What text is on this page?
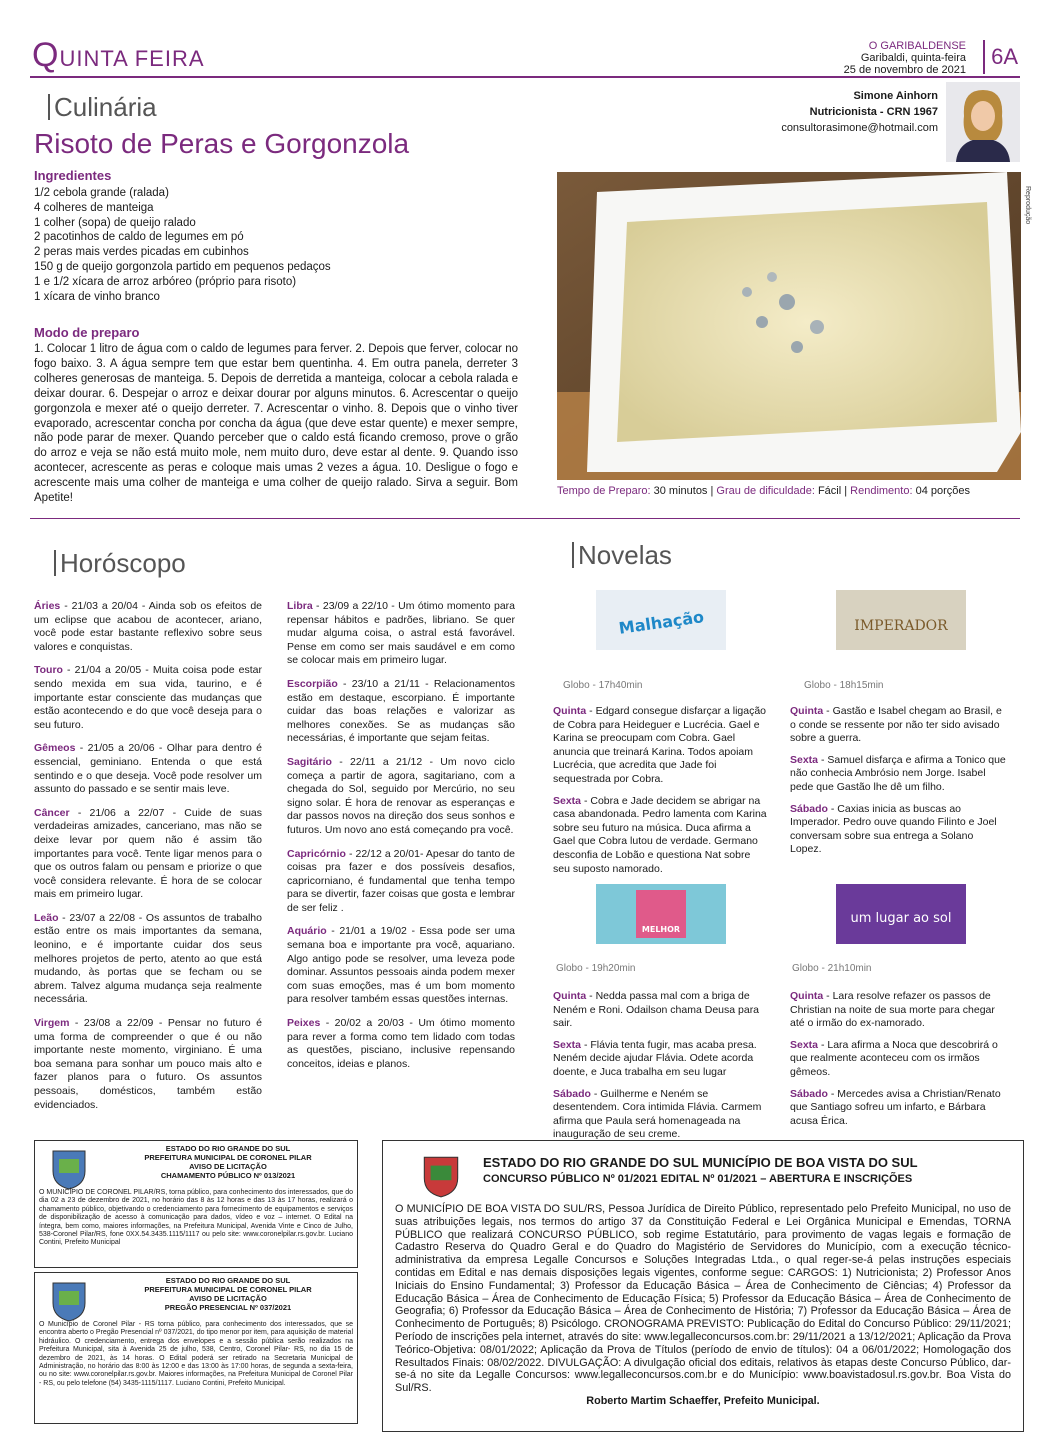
QUINTA FEIRA	O GARIBALDENSE
Garibaldi, quinta-feira
25 de novembro de 2021
6A
Culinária
Risoto de Peras e Gorgonzola
Simone Ainhorn
Nutricionista - CRN 1967
consultorasimone@hotmail.com
Ingredientes
1/2 cebola grande (ralada)
4 colheres de manteiga
1 colher (sopa) de queijo ralado
2 pacotinhos de caldo de legumes em pó
2 peras mais verdes picadas em cubinhos
150 g de queijo gorgonzola partido em pequenos pedaços
1 e 1/2 xícara de arroz arbóreo (próprio para risoto)
1 xícara de vinho branco
Modo de preparo
1. Colocar 1 litro de água com o caldo de legumes para ferver. 2. Depois que ferver, colocar no fogo baixo. 3. A água sempre tem que estar bem quentinha. 4. Em outra panela, derreter 3 colheres generosas de manteiga. 5. Depois de derretida a manteiga, colocar a cebola ralada e deixar dourar. 6. Despejar o arroz e deixar dourar por alguns minutos. 6. Acrescentar o queijo gorgonzola e mexer até o queijo derreter. 7. Acrescentar o vinho. 8. Depois que o vinho tiver evaporado, acrescentar concha por concha da água (que deve estar quente) e mexer sempre, não pode parar de mexer. Quando perceber que o caldo está ficando cremoso, prove o grão do arroz e veja se não está muito mole, nem muito duro, deve estar al dente. 9. Quando isso acontecer, acrescente as peras e coloque mais umas 2 vezes a água. 10. Desligue o fogo e acrescente mais uma colher de manteiga e uma colher de queijo ralado. Sirva a seguir. Bom Apetite!
Reprodução
Tempo de Preparo: 30 minutos | Grau de dificuldade: Fácil | Rendimento: 04 porções
Horóscopo

Áries - 21/03 a 20/04 - Ainda sob os efeitos de um eclipse que acabou de acontecer, ariano, você pode estar bastante reflexivo sobre seus valores e conquistas.

Touro - 21/04 a 20/05 - Muita coisa pode estar sendo mexida em sua vida, taurino, e é importante estar consciente das mudanças que estão acontecendo e do que você deseja para o seu futuro.

Gêmeos - 21/05 a 20/06 - Olhar para dentro é essencial, geminiano. Entenda o que está sentindo e o que deseja. Você pode resolver um assunto do passado e se sentir mais leve.

Câncer - 21/06 a 22/07 - Cuide de suas verdadeiras amizades, canceriano, mas não se deixe levar por quem não é assim tão importantes para você. Tente ligar menos para o que os outros falam ou pensam e priorize o que você considera relevante. É hora de se colocar mais em primeiro lugar.

Leão - 23/07 a 22/08 - Os assuntos de trabalho estão entre os mais importantes da semana, leonino, e é importante cuidar dos seus melhores projetos de perto, atento ao que está mudando, às portas que se fecham ou se abrem. Talvez alguma mudança seja realmente necessária.

Virgem - 23/08 a 22/09 - Pensar no futuro é uma forma de compreender o que é ou não importante neste momento, virginiano. É uma boa semana para sonhar um pouco mais alto e fazer planos para o futuro. Os assuntos pessoais, domésticos, também estão evidenciados.

Libra - 23/09 a 22/10 - Um ótimo momento para repensar hábitos e padrões, libriano. Se quer mudar alguma coisa, o astral está favorável. Pense em como ser mais saudável e em como se colocar mais em primeiro lugar.

Escorpião - 23/10 a 21/11 - Relacionamentos estão em destaque, escorpiano. É importante cuidar das boas relações e valorizar as melhores conexões. Se as mudanças são necessárias, é importante que sejam feitas.

Sagitário - 22/11 a 21/12 - Um novo ciclo começa a partir de agora, sagitariano, com a chegada do Sol, seguido por Mercúrio, no seu signo solar. É hora de renovar as esperanças e dar passos novos na direção dos seus sonhos e futuros. Um novo ano está começando pra você.

Capricórnio - 22/12 a 20/01- Apesar do tanto de coisas pra fazer e dos possíveis desafios, capricorniano, é fundamental que tenha tempo para se divertir, fazer coisas que gosta e lembrar de ser feliz .

Aquário - 21/01 a 19/02 - Essa pode ser uma semana boa e importante pra você, aquariano. Algo antigo pode se resolver, uma leveza pode dominar. Assuntos pessoais ainda podem mexer com suas emoções, mas é um bom momento para resolver também essas questões internas.

Peixes - 20/02 a 20/03 - Um ótimo momento para rever a forma como tem lidado com todas as questões, pisciano, inclusive repensando conceitos, ideias e planos.

Novelas
Malhação	IMPERADOR
Globo - 17h40min	Globo - 18h15min

Quinta - Edgard consegue disfarçar a ligação de Cobra para Heideguer e Lucrécia. Gael e Karina se preocupam com Cobra. Gael anuncia que treinará Karina. Todos apoiam Lucrécia, que acredita que Jade foi sequestrada por Cobra.

Sexta - Cobra e Jade decidem se abrigar na casa abandonada. Pedro lamenta com Karina sobre seu futuro na música. Duca afirma a Gael que Cobra lutou de verdade. Germano desconfia de Lobão e questiona Nat sobre seu suposto namorado.

Quinta - Gastão e Isabel chegam ao Brasil, e o conde se ressente por não ter sido avisado sobre a guerra.

Sexta - Samuel disfarça e afirma a Tonico que não conhecia Ambrósio nem Jorge. Isabel pede que Gastão lhe dê um filho.

Sábado - Caxias inicia as buscas ao Imperador. Pedro ouve quando Filinto e Joel conversam sobre sua entrega a Solano Lopez.

MELHOR
um lugar ao sol
Globo - 19h20min	Globo - 21h10min

Quinta - Nedda passa mal com a briga de Neném e Roni. Odailson chama Deusa para sair.

Sexta - Flávia tenta fugir, mas acaba presa. Neném decide ajudar Flávia. Odete acorda doente, e Juca trabalha em seu lugar

Sábado - Guilherme e Neném se desentendem. Cora intimida Flávia. Carmem afirma que Paula será homenageada na inauguração de seu creme.

Quinta - Lara resolve refazer os passos de Christian na noite de sua morte para chegar até o irmão do ex-namorado.

Sexta - Lara afirma a Noca que descobrirá o que realmente aconteceu com os irmãos gêmeos.

Sábado - Mercedes avisa a Christian/Renato que Santiago sofreu um infarto, e Bárbara acusa Érica.

ESTADO DO RIO GRANDE DO SUL
PREFEITURA MUNICIPAL DE CORONEL PILAR
AVISO DE LICITAÇÃO
CHAMAMENTO PÚBLICO Nº 013/2021
O MUNICÍPIO DE CORONEL PILAR/RS, torna público, para conhecimento dos interessados, que do dia 02 a 23 de dezembro de 2021, no horário das 8 às 12 horas e das 13 às 17 horas, realizará o chamamento público, objetivando o credenciamento para fornecimento de equipamentos e serviços de disponibilização de acesso à comunicação para dados, vídeo e voz – internet. O Edital na íntegra, bem como, maiores informações, na Prefeitura Municipal, Avenida Vinte e Cinco de Julho, 538-Coronel Pilar/RS, fone 0XX.54.3435.1115/1117 ou pelo site: www.coronelpilar.rs.gov.br. Luciano Contini, Prefeito Municipal
ESTADO DO RIO GRANDE DO SUL
PREFEITURA MUNICIPAL DE CORONEL PILAR
AVISO DE LICITAÇÃO
PREGÃO PRESENCIAL Nº 037/2021
O Município de Coronel Pilar - RS torna público, para conhecimento dos interessados, que se encontra aberto o Pregão Presencial nº 037/2021, do tipo menor por item, para aquisição de material hidráulico. O credenciamento, entrega dos envelopes e a sessão pública serão realizados na Prefeitura Municipal, sita à Avenida 25 de julho, 538, Centro, Coronel Pilar- RS, no dia 15 de dezembro de 2021, às 14 horas. O Edital poderá ser retirado na Secretaria Municipal de Administração, no horário das 8:00 às 12:00 e das 13:00 às 17:00 horas, de segunda a sexta-feira, ou no site: www.coronelpilar.rs.gov.br. Maiores informações, na Prefeitura Municipal de Coronel Pilar - RS, ou pelo telefone (54) 3435-1115/1117. Luciano Contini, Prefeito Municipal.
ESTADO DO RIO GRANDE DO SUL MUNICÍPIO DE BOA VISTA DO SUL
CONCURSO PÚBLICO Nº 01/2021 EDITAL Nº 01/2021 – ABERTURA E INSCRIÇÕES
O MUNICÍPIO DE BOA VISTA DO SUL/RS, Pessoa Jurídica de Direito Público, representado pelo Prefeito Municipal, no uso de suas atribuições legais, nos termos do artigo 37 da Constituição Federal e Lei Orgânica Municipal e Emendas, TORNA PÚBLICO que realizará CONCURSO PÚBLICO, sob regime Estatutário, para provimento de vagas legais e formação de Cadastro Reserva do Quadro Geral e do Quadro do Magistério de Servidores do Município, com a execução técnico-administrativa da empresa Legalle Concursos e Soluções Integradas Ltda., o qual reger-se-á pelas instruções especiais contidas em Edital e nas demais disposições legais vigentes, conforme segue: CARGOS: 1) Nutricionista; 2) Professor Anos Iniciais do Ensino Fundamental; 3) Professor da Educação Básica – Área de Conhecimento de Ciências; 4) Professor da Educação Básica – Área de Conhecimento de Educação Física; 5) Professor da Educação Básica – Área de Conhecimento de Geografia; 6) Professor da Educação Básica – Área de Conhecimento de História; 7) Professor da Educação Básica – Área de Conhecimento de Português; 8) Psicólogo. CRONOGRAMA PREVISTO: Publicação do Edital do Concurso Público: 29/11/2021; Período de inscrições pela internet, através do site: www.legalleconcursos.com.br: 29/11/2021 a 13/12/2021; Aplicação da Prova Teórico-Objetiva: 08/01/2022; Aplicação da Prova de Títulos (período de envio de títulos): 04 a 06/01/2022; Homologação dos Resultados Finais: 08/02/2022. DIVULGAÇÃO: A divulgação oficial dos editais, relativos às etapas deste Concurso Público, dar-se-á no site da Legalle Concursos: www.legalleconcursos.com.br e do Município: www.boavistadosul.rs.gov.br. Boa Vista do Sul/RS.
Roberto Martim Schaeffer, Prefeito Municipal.
